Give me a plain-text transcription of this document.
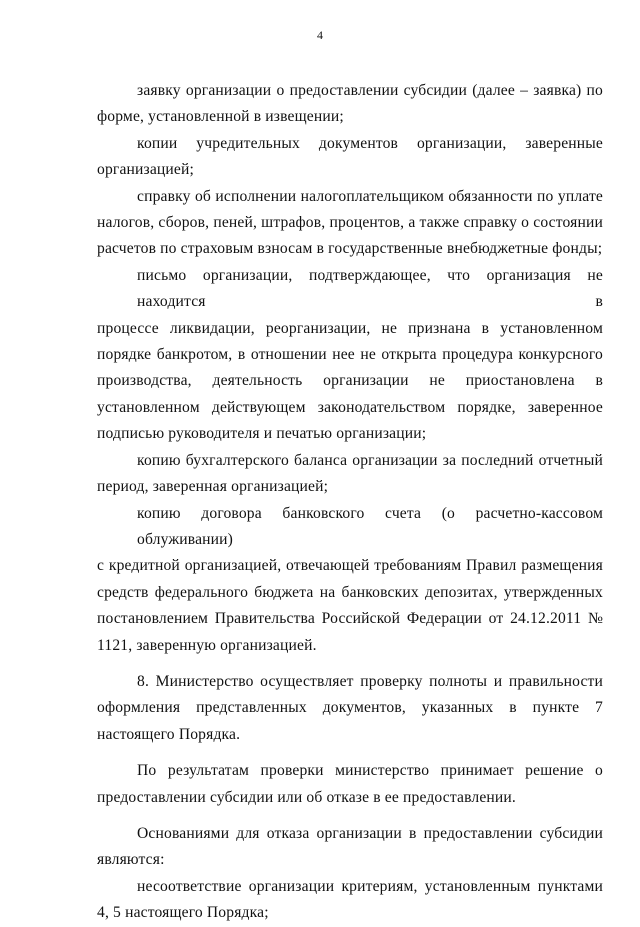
4

заявку организации о предоставлении субсидии (далее – заявка) по
форме, установленной в извещении;

копии учредительных документов организации, заверенные
организацией;

справку об исполнении налогоплательщиком обязанности по уплате
налогов, сборов, пеней, штрафов, процентов, а также справку о состоянии расчетов по страховым взносам в государственные внебюджетные фонды;

письмо организации, подтверждающее, что организация не находится в
процессе ликвидации, реорганизации, не признана в установленном порядке банкротом, в отношении нее не открыта процедура конкурсного производства, деятельность организации не приостановлена в установленном действующем законодательством порядке, заверенное подписью руководителя и печатью организации;

копию бухгалтерского баланса организации за последний отчетный
период, заверенная организацией;

копию договора банковского счета (о расчетно-кассовом облуживании)
с кредитной организацией, отвечающей требованиям Правил размещения средств федерального бюджета на банковских депозитах, утвержденных постановлением Правительства Российской Федерации от 24.12.2011 № 1121, заверенную организацией.

8. Министерство осуществляет проверку полноты и правильности
оформления представленных документов, указанных в пункте 7 настоящего Порядка.

По результатам проверки министерство принимает решение о
предоставлении субсидии или об отказе в ее предоставлении.

Основаниями для отказа организации в предоставлении субсидии
являются:

несоответствие организации критериям, установленным пунктами
4, 5 настоящего Порядка;
